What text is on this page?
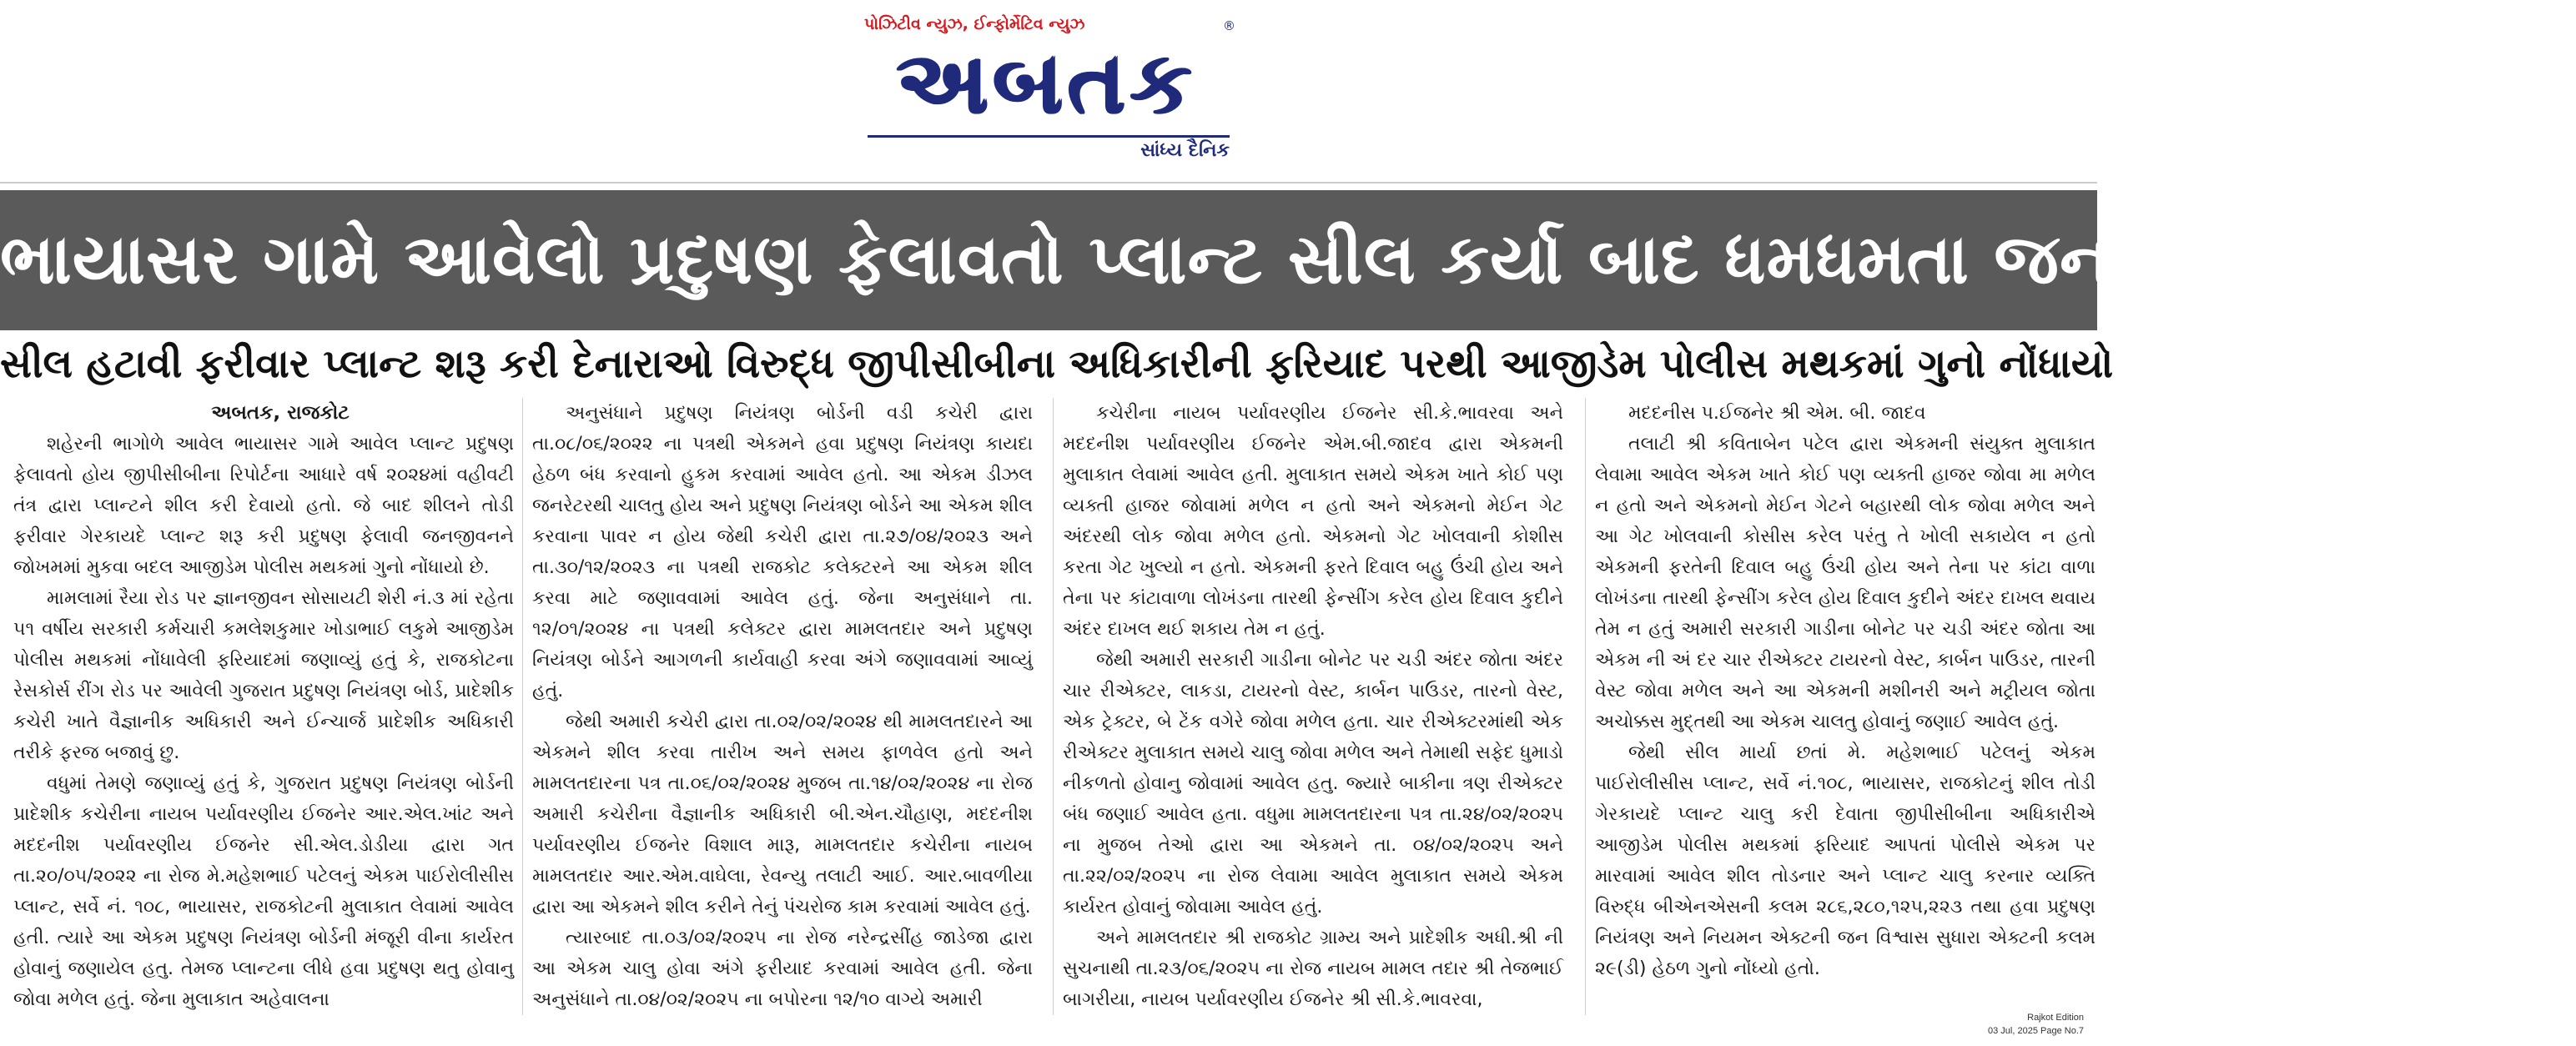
પોઝિટીવ ન્યુઝ, ઈન્ફોર્મેટિવ ન્યુઝ
અબતક
®
સાંધ્ય દૈનિક
ભાયાસર ગામે આવેલો પ્રદુષણ ફેલાવતો પ્લાન્ટ સીલ કર્યા બાદ ધમધમતા જનજીવન જોખમાયું
સીલ હટાવી ફરીવાર પ્લાન્ટ શરૂ કરી દેનારાઓ વિરુદ્ધ જીપીસીબીના અધિકારીની ફરિયાદ પરથી આજીડેમ પોલીસ મથકમાં ગુનો નોંધાયો

અબતક, રાજકોટ

શહેરની ભાગોળે આવેલ ભાયાસર ગામે આવેલ પ્લાન્ટ પ્રદુષણ ફેલાવતો હોય જીપીસીબીના રિપોર્ટના આધારે વર્ષ ૨૦૨૪માં વહીવટી તંત્ર દ્વારા પ્લાન્ટને શીલ કરી દેવાયો હતો. જે બાદ શીલને તોડી ફરીવાર ગેરકાયદે પ્લાન્ટ શરૂ કરી પ્રદુષણ ફેલાવી જનજીવનને જોખમમાં મુકવા બદલ આજીડેમ પોલીસ મથકમાં ગુનો નોંધાયો છે.

મામલામાં રૈયા રોડ પર જ્ઞાનજીવન સોસાયટી શેરી નં.૩ માં રહેતા ૫૧ વર્ષીય સરકારી કર્મચારી કમલેશકુમાર ખોડાભાઈ લકુમે આજીડેમ પોલીસ મથકમાં નોંધાવેલી ફરિયાદમાં જણાવ્યું હતું કે, રાજકોટના રેસકોર્સ રીંગ રોડ પર આવેલી ગુજરાત પ્રદુષણ નિયંત્રણ બોર્ડ, પ્રાદેશીક કચેરી ખાતે વૈજ્ઞાનીક અધિકારી અને ઈન્ચાર્જ પ્રાદેશીક અધિકારી તરીકે ફરજ બજાવું છુ.

વધુમાં તેમણે જણાવ્યું હતું કે, ગુજરાત પ્રદુષણ નિયંત્રણ બોર્ડની પ્રાદેશીક કચેરીના નાયબ પર્યાવરણીય ઈજનેર આર.એલ.ખાંટ અને મદદનીશ પર્યાવરણીય ઈજનેર સી.એલ.ડોડીયા દ્વારા ગત તા.૨૦/૦૫/૨૦૨૨ ના રોજ મે.મહેશભાઈ પટેલનું એકમ પાઈરોલીસીસ પ્લાન્ટ, સર્વે નં. ૧૦૮, ભાયાસર, રાજકોટની મુલાકાત લેવામાં આવેલ હતી. ત્યારે આ એકમ પ્રદુષણ નિયંત્રણ બોર્ડની મંજૂરી વીના કાર્યરત હોવાનું જણાયેલ હતુ. તેમજ પ્લાન્ટના લીધે હવા પ્રદુષણ થતુ હોવાનુ જોવા મળેલ હતું. જેના મુલાકાત અહેવાલના

અનુસંધાને પ્રદુષણ નિયંત્રણ બોર્ડની વડી કચેરી દ્વારા તા.૦૮/૦૬/૨૦૨૨ ના પત્રથી એકમને હવા પ્રદુષણ નિયંત્રણ કાયદા હેઠળ બંધ કરવાનો હુકમ કરવામાં આવેલ હતો. આ એકમ ડીઝલ જનરેટરથી ચાલતુ હોય અને પ્રદુષણ નિયંત્રણ બોર્ડને આ એકમ શીલ કરવાના પાવર ન હોય જેથી કચેરી દ્વારા તા.૨૭/૦૪/૨૦૨૩ અને તા.૩૦/૧૨/૨૦૨૩ ના પત્રથી રાજકોટ કલેક્ટરને આ એકમ શીલ કરવા માટે જણાવવામાં આવેલ હતું. જેના અનુસંધાને તા. ૧૨/૦૧/૨૦૨૪ ના પત્રથી કલેક્ટર દ્વારા મામલતદાર અને પ્રદુષણ નિયંત્રણ બોર્ડને આગળની કાર્યવાહી કરવા અંગે જણાવવામાં આવ્યું હતું.

જેથી અમારી કચેરી દ્વારા તા.૦૨/૦૨/૨૦૨૪ થી મામલતદારને આ એકમને શીલ કરવા તારીખ અને સમય ફાળવેલ હતો અને મામલતદારના પત્ર તા.૦૬/૦૨/૨૦૨૪ મુજબ તા.૧૪/૦૨/૨૦૨૪ ના રોજ અમારી કચેરીના વૈજ્ઞાનીક અધિકારી બી.એન.ચૌહાણ, મદદનીશ પર્યાવરણીય ઈજનેર વિશાલ મારૂ, મામલતદાર કચેરીના નાયબ મામલતદાર આર.એમ.વાઘેલા, રેવન્યુ તલાટી આઈ. આર.બાવળીયા દ્વારા આ એકમને શીલ કરીને તેનું પંચરોજ કામ કરવામાં આવેલ હતું.

ત્યારબાદ તા.૦૩/૦૨/૨૦૨૫ ના રોજ નરેન્દ્રસીંહ જાડેજા દ્વારા આ એકમ ચાલુ હોવા અંગે ફરીયાદ કરવામાં આવેલ હતી. જેના અનુસંધાને તા.૦૪/૦૨/૨૦૨૫ ના બપોરના ૧૨/૧૦ વાગ્યે અમારી

કચેરીના નાયબ પર્યાવરણીય ઈજનેર સી.કે.ભાવરવા અને મદદનીશ પર્યાવરણીય ઈજનેર એમ.બી.જાદવ દ્વારા એકમની મુલાકાત લેવામાં આવેલ હતી. મુલાકાત સમયે એકમ ખાતે કોઈ પણ વ્યક્તી હાજર જોવામાં મળેલ ન હતો અને એકમનો મેઈન ગેટ અંદરથી લોક જોવા મળેલ હતો. એકમનો ગેટ ખોલવાની કોશીસ કરતા ગેટ ખુલ્યો ન હતો. એકમની ફરતે દિવાલ બહુ ઉંચી હોય અને તેના પર કાંટાવાળા લોખંડના તારથી ફેન્સીંગ કરેલ હોય દિવાલ કુદીને અંદર દાખલ થઈ શકાય તેમ ન હતું.

જેથી અમારી સરકારી ગાડીના બોનેટ પર ચડી અંદર જોતા અંદર ચાર રીએક્ટર, લાકડા, ટાયરનો વેસ્ટ, કાર્બન પાઉડર, તારનો વેસ્ટ, એક ટ્રેક્ટર, બે ટેંક વગેરે જોવા મળેલ હતા. ચાર રીએક્ટરમાંથી એક રીએક્ટર મુલાકાત સમયે ચાલુ જોવા મળેલ અને તેમાથી સફેદ ધુમાડો નીકળતો હોવાનુ જોવામાં આવેલ હતુ. જ્યારે બાકીના ત્રણ રીએક્ટર બંધ જણાઈ આવેલ હતા. વધુમા મામલતદારના પત્ર તા.૨૪/૦૨/૨૦૨૫ ના મુજબ તેઓ દ્વારા આ એકમને તા. ૦૪/૦૨/૨૦૨૫ અને તા.૨૨/૦૨/૨૦૨૫ ના રોજ લેવામા આવેલ મુલાકાત સમયે એકમ કાર્યરત હોવાનું જોવામા આવેલ હતું.

અને મામલતદાર શ્રી રાજકોટ ગ્રામ્ય અને પ્રાદેશીક અધી.શ્રી ની સુચનાથી તા.૨૩/૦૬/૨૦૨૫ ના રોજ નાયબ મામલ તદાર શ્રી તેજભાઈ બાગરીયા, નાયબ પર્યાવરણીય ઈજનેર શ્રી સી.કે.ભાવરવા,

મદદનીસ પ.ઈજનેર શ્રી એમ. બી. જાદવ

તલાટી શ્રી કવિતાબેન પટેલ દ્વારા એકમની સંયુક્ત મુલાકાત લેવામા આવેલ એકમ ખાતે કોઈ પણ વ્યક્તી હાજર જોવા મા મળેલ ન હતો અને એકમનો મેઈન ગેટને બહારથી લોક જોવા મળેલ અને આ ગેટ ખોલવાની કોસીસ કરેલ પરંતુ તે ખોલી સકાયેલ ન હતો એકમની ફરતેની દિવાલ બહુ ઉંચી હોય અને તેના પર કાંટા વાળા લોખંડના તારથી ફેન્સીંગ કરેલ હોય દિવાલ કુદીને અંદર દાખલ થવાય તેમ ન હતું અમારી સરકારી ગાડીના બોનેટ પર ચડી અંદર જોતા આ એકમ ની અં દર ચાર રીએક્ટર ટાયરનો વેસ્ટ, કાર્બન પાઉડર, તારની વેસ્ટ જોવા મળેલ અને આ એકમની મશીનરી અને મટ્રીયલ જોતા અચોક્કસ મુદ્તથી આ એકમ ચાલતુ હોવાનું જણાઈ આવેલ હતું.

જેથી સીલ માર્યા છતાં મે. મહેશભાઈ પટેલનું એકમ પાઈરોલીસીસ પ્લાન્ટ, સર્વે નં.૧૦૮, ભાયાસર, રાજકોટનું શીલ તોડી ગેરકાયદે પ્લાન્ટ ચાલુ કરી દેવાતા જીપીસીબીના અધિકારીએ આજીડેમ પોલીસ મથકમાં ફરિયાદ આપતાં પોલીસે એકમ પર મારવામાં આવેલ શીલ તોડનાર અને પ્લાન્ટ ચાલુ કરનાર વ્યક્તિ વિરુદ્ધ બીએનએસની કલમ ૨૮૬,૨૮૦,૧૨૫,૨૨૩ તથા હવા પ્રદુષણ નિયંત્રણ અને નિયમન એક્ટની જન વિશ્વાસ સુધારા એક્ટની કલમ ૨૯(ડી) હેઠળ ગુનો નોંધ્યો હતો.

Rajkot Edition
03 Jul, 2025 Page No.7
